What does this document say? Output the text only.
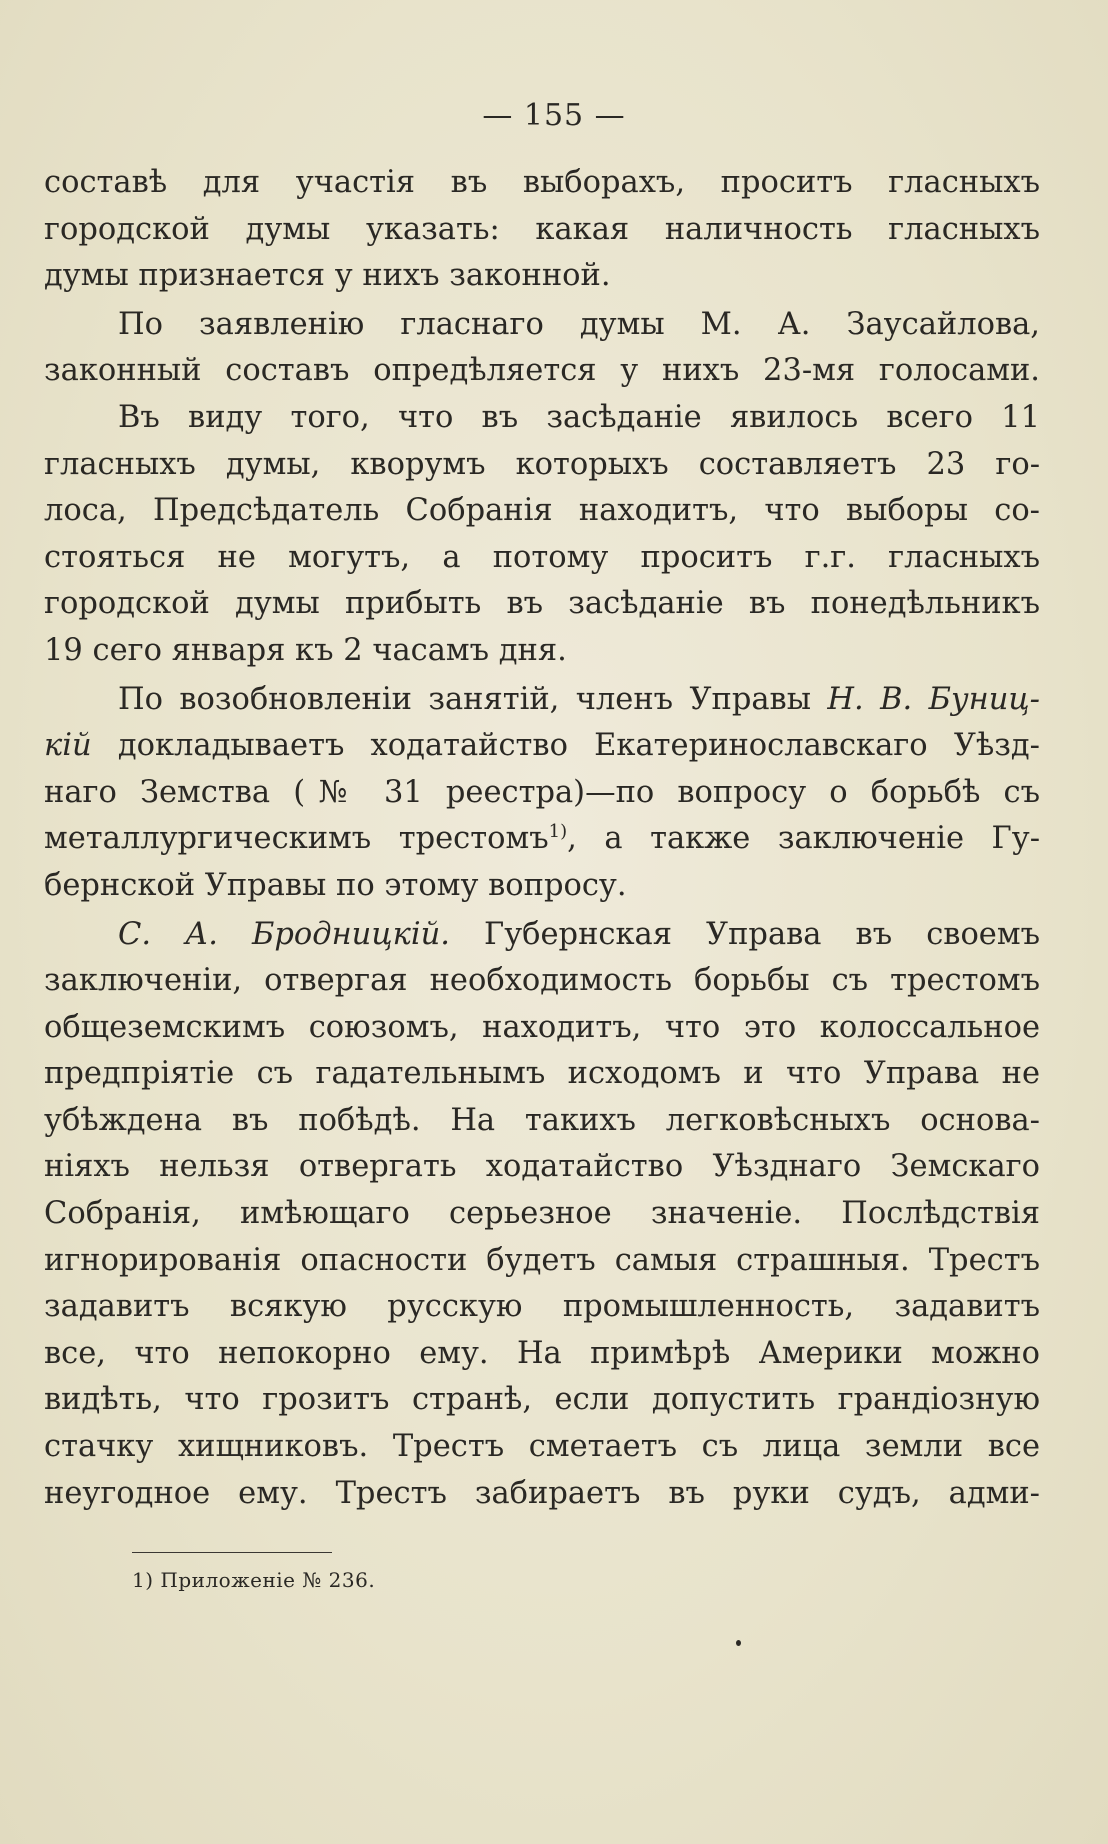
— 155 —
составѣ для участія въ выборахъ, проситъ гласныхъ
городской думы указать: какая наличность гласныхъ
думы признается у нихъ законной.
По заявленію гласнаго думы М. А. Заусайлова,
законный составъ опредѣляется у нихъ 23-мя голосами.
Въ виду того, что въ засѣданіе явилось всего 11
гласныхъ думы, кворумъ которыхъ составляетъ 23 го-
лоса, Предсѣдатель Собранія находитъ, что выборы со-
стояться не могутъ, а потому проситъ г.г. гласныхъ
городской думы прибыть въ засѣданіе въ понедѣльникъ
19 сего января къ 2 часамъ дня.
По возобновленіи занятій, членъ Управы Н. В. Буниц-
кій докладываетъ ходатайство Екатеринославскаго Уѣзд-
наго Земства (№ 31 реестра)—по вопросу о борьбѣ съ
металлургическимъ трестомъ$^{1)}$, а также заключеніе Гу-
бернской Управы по этому вопросу.
С. А. Бродницкій. Губернская Управа въ своемъ
заключеніи, отвергая необходимость борьбы съ трестомъ
общеземскимъ союзомъ, находитъ, что это колоссальное
предпріятіе съ гадательнымъ исходомъ и что Управа не
убѣждена въ побѣдѣ. На такихъ легковѣсныхъ основа-
ніяхъ нельзя отвергать ходатайство Уѣзднаго Земскаго
Собранія, имѣющаго серьезное значеніе. Послѣдствія
игнорированія опасности будетъ самыя страшныя. Трестъ
задавитъ всякую русскую промышленность, задавитъ
все, что непокорно ему. На примѣрѣ Америки можно
видѣть, что грозитъ странѣ, если допустить грандіозную
стачку хищниковъ. Трестъ сметаетъ съ лица земли все
неугодное ему. Трестъ забираетъ въ руки судъ, адми-
1) Приложеніе № 236.
